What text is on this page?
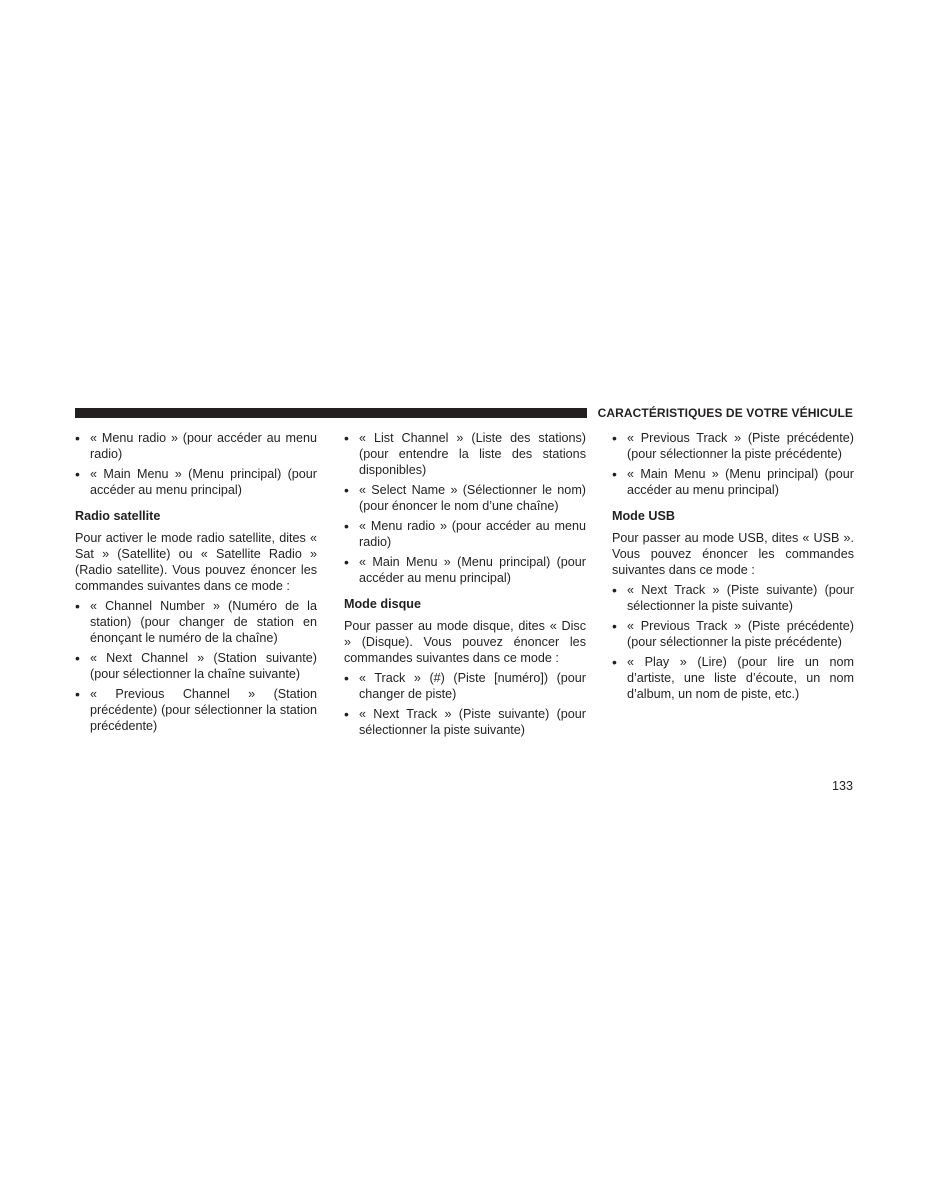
CARACTÉRISTIQUES DE VOTRE VÉHICULE
• « Menu radio » (pour accéder au menu radio)
• « Main Menu » (Menu principal) (pour accéder au menu principal)
Radio satellite

Pour activer le mode radio satellite, dites « Sat » (Satellite) ou « Satellite Radio » (Radio satellite). Vous pouvez énoncer les commandes suivantes dans ce mode :

• « Channel Number » (Numéro de la station) (pour changer de station en énonçant le numéro de la chaîne)
• « Next Channel » (Station suivante) (pour sélectionner la chaîne suivante)
• « Previous Channel » (Station précédente) (pour sélectionner la station précédente)
• « List Channel » (Liste des stations) (pour entendre la liste des stations disponibles)
• « Select Name » (Sélectionner le nom) (pour énoncer le nom d’une chaîne)
• « Menu radio » (pour accéder au menu radio)
• « Main Menu » (Menu principal) (pour accéder au menu principal)
Mode disque

Pour passer au mode disque, dites « Disc » (Disque). Vous pouvez énoncer les commandes suivantes dans ce mode :

• « Track » (#) (Piste [numéro]) (pour changer de piste)
• « Next Track » (Piste suivante) (pour sélectionner la piste suivante)
• « Previous Track » (Piste précédente) (pour sélectionner la piste précédente)
• « Main Menu » (Menu principal) (pour accéder au menu principal)
Mode USB

Pour passer au mode USB, dites « USB ». Vous pouvez énoncer les commandes suivantes dans ce mode :

• « Next Track » (Piste suivante) (pour sélectionner la piste suivante)
• « Previous Track » (Piste précédente) (pour sélectionner la piste précédente)
• « Play » (Lire) (pour lire un nom d’artiste, une liste d’écoute, un nom d’album, un nom de piste, etc.)
133
